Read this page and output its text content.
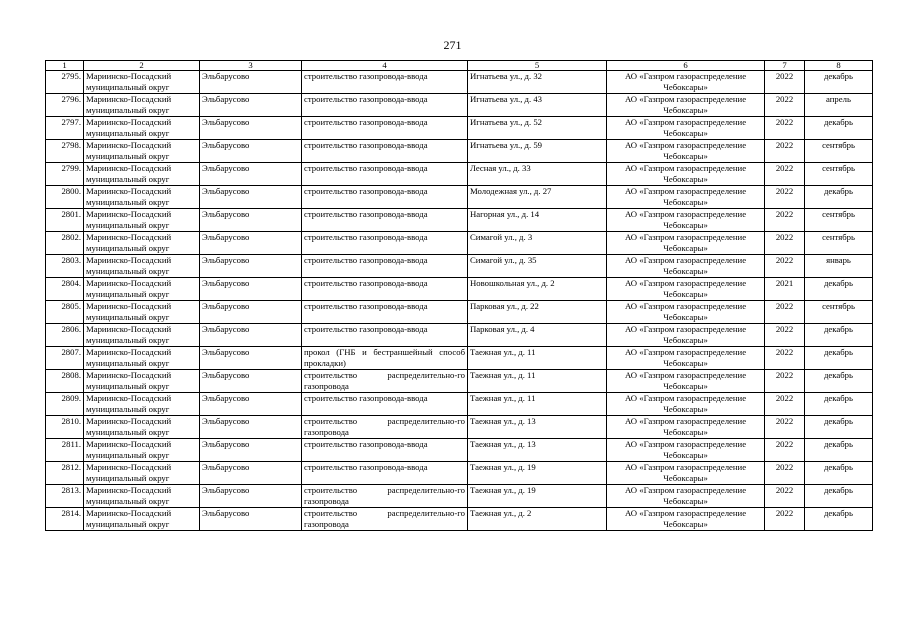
271
1	2	3	4	5	6	7	8
2795.	Мариинско-Посадский муниципальный округ	Эльбарусово	строительство газопровода-ввода	Игнатьева ул., д. 32	АО «Газпром газораспределение Чебоксары»	2022	декабрь
2796.	Мариинско-Посадский муниципальный округ	Эльбарусово	строительство газопровода-ввода	Игнатьева ул., д. 43	АО «Газпром газораспределение Чебоксары»	2022	апрель
2797.	Мариинско-Посадский муниципальный округ	Эльбарусово	строительство газопровода-ввода	Игнатьева ул., д. 52	АО «Газпром газораспределение Чебоксары»	2022	декабрь
2798.	Мариинско-Посадский муниципальный округ	Эльбарусово	строительство газопровода-ввода	Игнатьева ул., д. 59	АО «Газпром газораспределение Чебоксары»	2022	сентябрь
2799.	Мариинско-Посадский муниципальный округ	Эльбарусово	строительство газопровода-ввода	Лесная ул., д. 33	АО «Газпром газораспределение Чебоксары»	2022	сентябрь
2800.	Мариинско-Посадский муниципальный округ	Эльбарусово	строительство газопровода-ввода	Молодежная ул., д. 27	АО «Газпром газораспределение Чебоксары»	2022	декабрь
2801.	Мариинско-Посадский муниципальный округ	Эльбарусово	строительство газопровода-ввода	Нагорная ул., д. 14	АО «Газпром газораспределение Чебоксары»	2022	сентябрь
2802.	Мариинско-Посадский муниципальный округ	Эльбарусово	строительство газопровода-ввода	Симагой ул., д. 3	АО «Газпром газораспределение Чебоксары»	2022	сентябрь
2803.	Мариинско-Посадский муниципальный округ	Эльбарусово	строительство газопровода-ввода	Симагой ул., д. 35	АО «Газпром газораспределение Чебоксары»	2022	январь
2804.	Мариинско-Посадский муниципальный округ	Эльбарусово	строительство газопровода-ввода	Новошкольная ул., д. 2	АО «Газпром газораспределение Чебоксары»	2021	декабрь
2805.	Мариинско-Посадский муниципальный округ	Эльбарусово	строительство газопровода-ввода	Парковая ул., д. 22	АО «Газпром газораспределение Чебоксары»	2022	сентябрь
2806.	Мариинско-Посадский муниципальный округ	Эльбарусово	строительство газопровода-ввода	Парковая ул., д. 4	АО «Газпром газораспределение Чебоксары»	2022	декабрь
2807.	Мариинско-Посадский муниципальный округ	Эльбарусово	прокол (ГНБ и бестраншейный способ прокладки)	Таежная ул., д. 11	АО «Газпром газораспределение Чебоксары»	2022	декабрь
2808.	Мариинско-Посадский муниципальный округ	Эльбарусово	строительство распределительно-го газопровода	Таежная ул., д. 11	АО «Газпром газораспределение Чебоксары»	2022	декабрь
2809.	Мариинско-Посадский муниципальный округ	Эльбарусово	строительство газопровода-ввода	Таежная ул., д. 11	АО «Газпром газораспределение Чебоксары»	2022	декабрь
2810.	Мариинско-Посадский муниципальный округ	Эльбарусово	строительство распределительно-го газопровода	Таежная ул., д. 13	АО «Газпром газораспределение Чебоксары»	2022	декабрь
2811.	Мариинско-Посадский муниципальный округ	Эльбарусово	строительство газопровода-ввода	Таежная ул., д. 13	АО «Газпром газораспределение Чебоксары»	2022	декабрь
2812.	Мариинско-Посадский муниципальный округ	Эльбарусово	строительство газопровода-ввода	Таежная ул., д. 19	АО «Газпром газораспределение Чебоксары»	2022	декабрь
2813.	Мариинско-Посадский муниципальный округ	Эльбарусово	строительство распределительно-го газопровода	Таежная ул., д. 19	АО «Газпром газораспределение Чебоксары»	2022	декабрь
2814.	Мариинско-Посадский муниципальный округ	Эльбарусово	строительство распределительно-го газопровода	Таежная ул., д. 2	АО «Газпром газораспределение Чебоксары»	2022	декабрь
